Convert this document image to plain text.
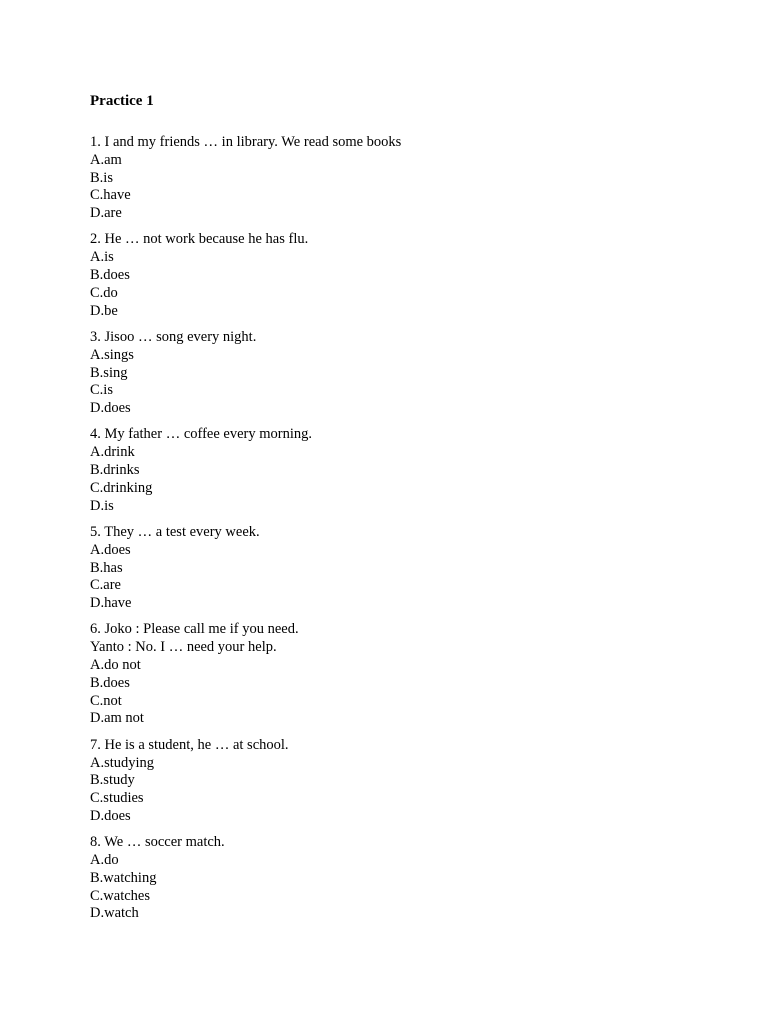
Practice 1
1. I and my friends … in library. We read some books
A.am
B.is
C.have
D.are
2. He … not work because he has flu.
A.is
B.does
C.do
D.be
3. Jisoo … song every night.
A.sings
B.sing
C.is
D.does
4. My father … coffee every morning.
A.drink
B.drinks
C.drinking
D.is
5. They … a test every week.
A.does
B.has
C.are
D.have
6. Joko : Please call me if you need.
Yanto : No. I … need your help.
A.do not
B.does
C.not
D.am not
7. He is a student, he … at school.
A.studying
B.study
C.studies
D.does
8. We … soccer match.
A.do
B.watching
C.watches
D.watch
